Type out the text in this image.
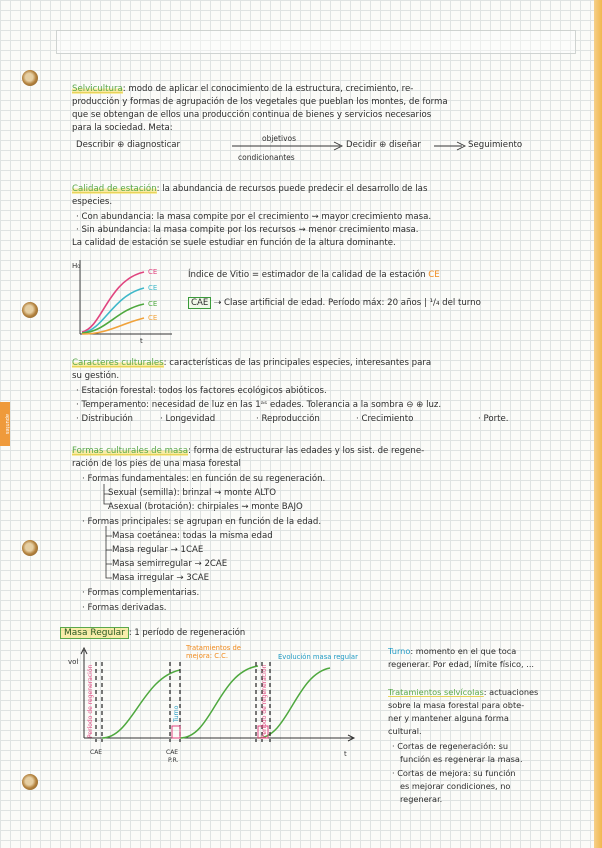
apuntes
Selvicultura: modo de aplicar el conocimiento de la estructura, crecimiento, re-
producción y formas de agrupación de los vegetales que pueblan los montes, de forma
que se obtengan de ellos una producción continua de bienes y servicios necesarios
para la sociedad. Meta:
Describir ⊕ diagnosticar
objetivos
condicionantes
Decidir ⊕ diseñar	Seguimiento
Calidad de estación: la abundancia de recursos puede predecir el desarrollo de las
especies.
· Con abundancia: la masa compite por el crecimiento ⇝ mayor crecimiento masa.
· Sin abundancia: la masa compite por los recursos ⇝ menor crecimiento masa.
La calidad de estación se suele estudiar en función de la altura dominante.
H₀
t
CE
CE
CE
CE
Índice de Vitio = estimador de la calidad de la estación CE
CAE ⇢ Clase artificial de edad. Período máx: 20 años | ¹/₄ del turno
Caracteres culturales: características de las principales especies, interesantes para
su gestión.
· Estación forestal: todos los factores ecológicos abióticos.
· Temperamento: necesidad de luz en las 1ᵃˢ edades. Tolerancia a la sombra ⊖ ⊕ luz.
· Distribución	· Longevidad	· Reproducción	· Crecimiento	· Porte.
Formas culturales de masa: forma de estructurar las edades y los sist. de regene-
ración de los pies de una masa forestal
· Formas fundamentales: en función de su regeneración.
Sexual (semilla): brinzal ⇝ monte ALTO
Asexual (brotación): chirpiales ⇝ monte BAJO
· Formas principales: se agrupan en función de la edad.
Masa coetánea: todas la misma edad
Masa regular → 1CAE
Masa semirregular → 2CAE
Masa irregular → 3CAE
· Formas complementarias.
· Formas derivadas.
Masa Regular : 1 período de regeneración
vol
t
Período de regeneración	Turno	Período de regeneración
CAE	CAE
P.R.
Tratamientos de mejora: C.C.	Evolución masa regular
Turno: momento en el que toca
regenerar. Por edad, límite físico, ...
Tratamientos selvícolas: actuaciones
sobre la masa forestal para obte-
ner y mantener alguna forma
cultural.
· Cortas de regeneración: su
función es regenerar la masa.
· Cortas de mejora: su función
es mejorar condiciones, no
regenerar.
